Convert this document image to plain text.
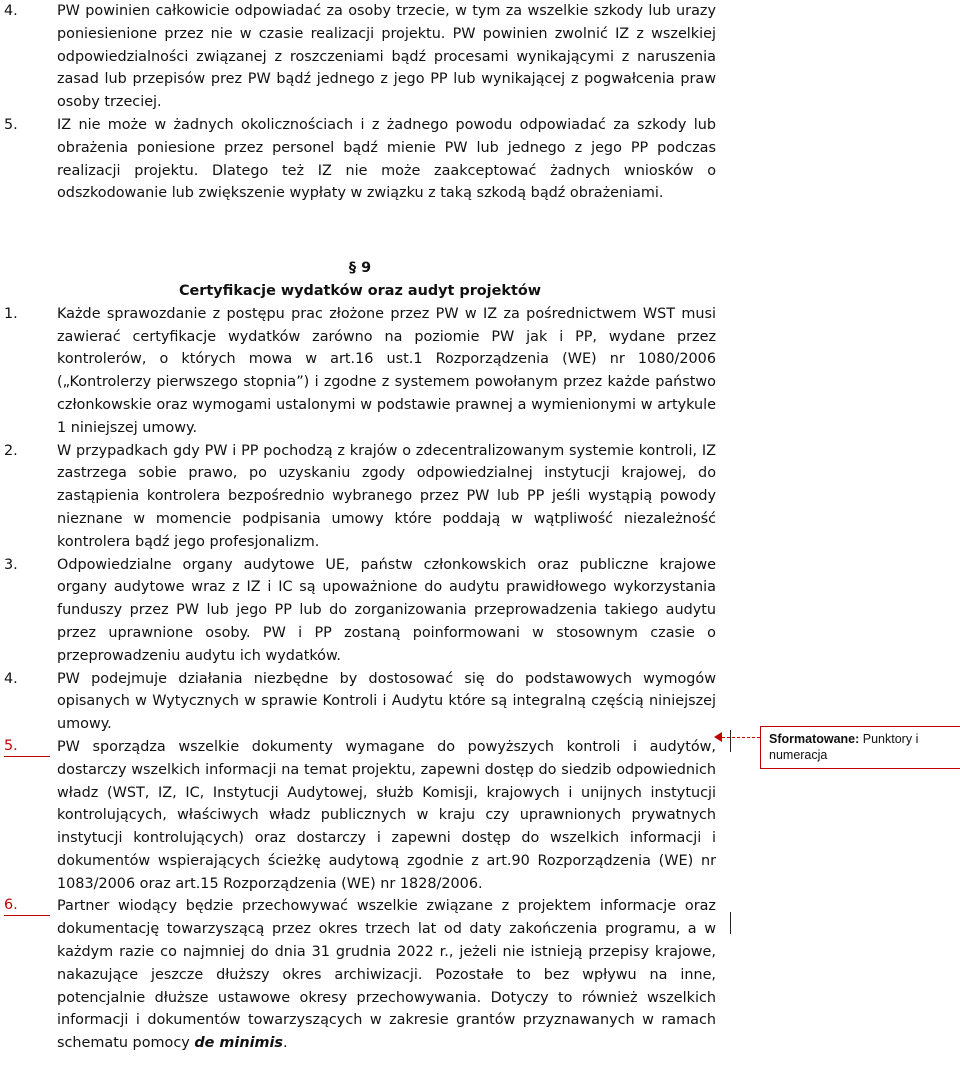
4.	PW powinien całkowicie odpowiadać za osoby trzecie, w tym za wszelkie szkody lub urazy poniesienione przez nie w czasie realizacji projektu. PW powinien zwolnić IZ z wszelkiej odpowiedzialności związanej z roszczeniami bądź procesami wynikającymi z naruszenia zasad lub przepisów prez PW bądź jednego z jego PP lub wynikającej z pogwałcenia praw osoby trzeciej.
5.	IZ nie może w żadnych okolicznościach i z żadnego powodu odpowiadać za szkody lub obrażenia poniesione przez personel bądź mienie PW lub jednego z jego PP podczas realizacji projektu. Dlatego też IZ nie może zaakceptować żadnych wniosków o odszkodowanie lub zwiększenie wypłaty w związku z taką szkodą bądź obrażeniami.
§ 9
Certyfikacje wydatków oraz audyt projektów
1.	Każde sprawozdanie z postępu prac złożone przez PW w IZ za pośrednictwem WST musi zawierać certyfikacje wydatków zarówno na poziomie PW jak i PP, wydane przez kontrolerów, o których mowa w art.16 ust.1 Rozporządzenia (WE) nr 1080/2006 („Kontrolerzy pierwszego stopnia”) i zgodne z systemem powołanym przez każde państwo członkowskie oraz wymogami ustalonymi w podstawie prawnej a wymienionymi w artykule 1 niniejszej umowy.
2.	W przypadkach gdy PW i PP pochodzą z krajów o zdecentralizowanym systemie kontroli, IZ zastrzega sobie prawo, po uzyskaniu zgody odpowiedzialnej instytucji krajowej, do zastąpienia kontrolera bezpośrednio wybranego przez PW lub PP jeśli wystąpią powody nieznane w momencie podpisania umowy które poddają w wątpliwość niezależność kontrolera bądź jego profesjonalizm.
3.	Odpowiedzialne organy audytowe UE, państw członkowskich oraz publiczne krajowe organy audytowe wraz z IZ i IC są upoważnione do audytu prawidłowego wykorzystania funduszy przez PW lub jego PP lub do zorganizowania przeprowadzenia takiego audytu przez uprawnione osoby. PW i PP zostaną poinformowani w stosownym czasie o przeprowadzeniu audytu ich wydatków.
4.	PW podejmuje działania niezbędne by dostosować się do podstawowych wymogów opisanych w Wytycznych w sprawie Kontroli i Audytu które są integralną częścią niniejszej umowy.
5.	PW sporządza wszelkie dokumenty wymagane do powyższych kontroli i audytów, dostarczy wszelkich informacji na temat projektu, zapewni dostęp do siedzib odpowiednich władz (WST, IZ, IC, Instytucji Audytowej, służb Komisji, krajowych i unijnych instytucji kontrolujących, właściwych władz publicznych w kraju czy uprawnionych prywatnych instytucji kontrolujących) oraz dostarczy i zapewni dostęp do wszelkich informacji i dokumentów wspierających ścieżkę audytową zgodnie z art.90 Rozporządzenia (WE) nr 1083/2006 oraz art.15 Rozporządzenia (WE) nr 1828/2006.
6.	Partner wiodący będzie przechowywać wszelkie związane z projektem informacje oraz dokumentację towarzyszącą przez okres trzech lat od daty zakończenia programu, a w każdym razie co najmniej do dnia 31 grudnia 2022 r., jeżeli nie istnieją przepisy krajowe, nakazujące jeszcze dłuższy okres archiwizacji. Pozostałe to bez wpływu na inne, potencjalnie dłuższe ustawowe okresy przechowywania. Dotyczy to również wszelkich informacji i dokumentów towarzyszących w zakresie grantów przyznawanych w ramach schematu pomocy de minimis.
Sformatowane: Punktory i numeracja
